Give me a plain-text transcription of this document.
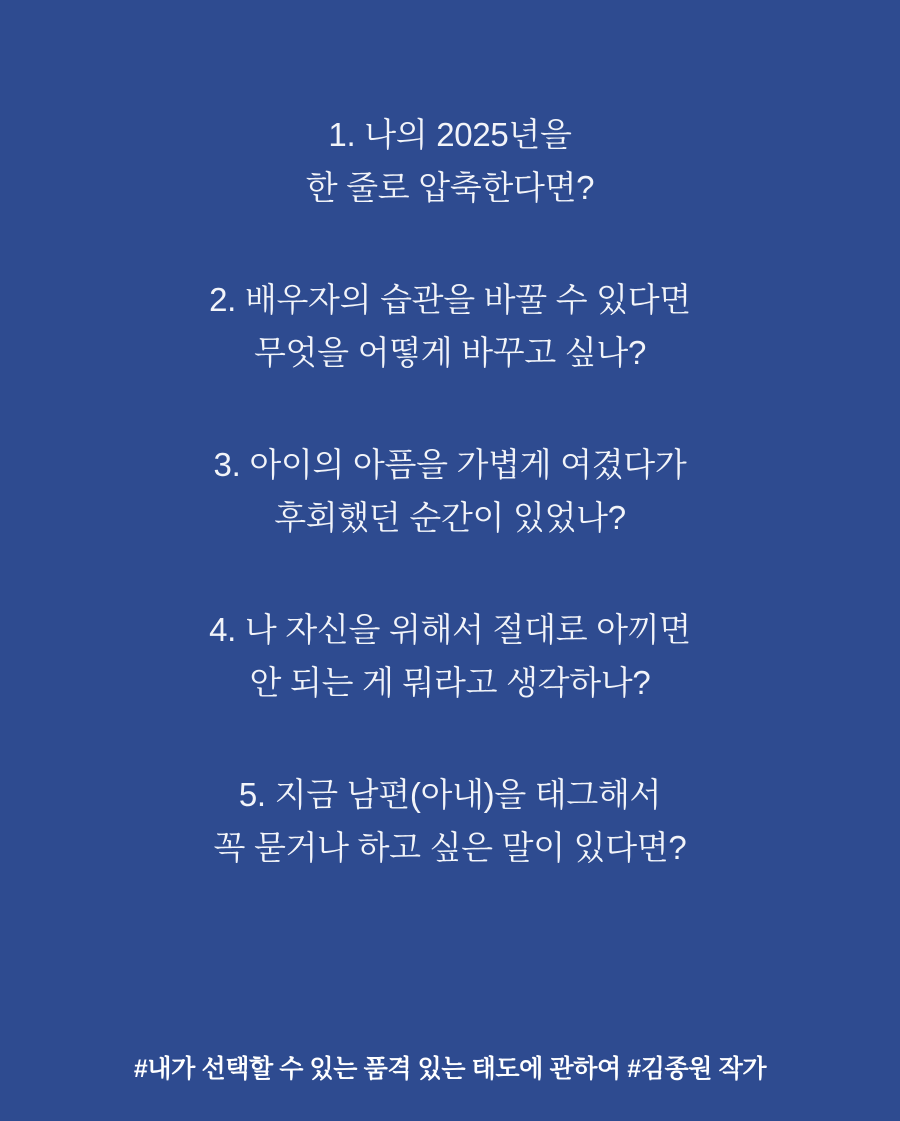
1. 나의 2025년을
한 줄로 압축한다면?
2. 배우자의 습관을 바꿀 수 있다면
무엇을 어떻게 바꾸고 싶나?
3. 아이의 아픔을 가볍게 여겼다가
후회했던 순간이 있었나?
4. 나 자신을 위해서 절대로 아끼면
안 되는 게 뭐라고 생각하나?
5. 지금 남편(아내)을 태그해서
꼭 묻거나 하고 싶은 말이 있다면?
#내가 선택할 수 있는 품격 있는 태도에 관하여 #김종원 작가
